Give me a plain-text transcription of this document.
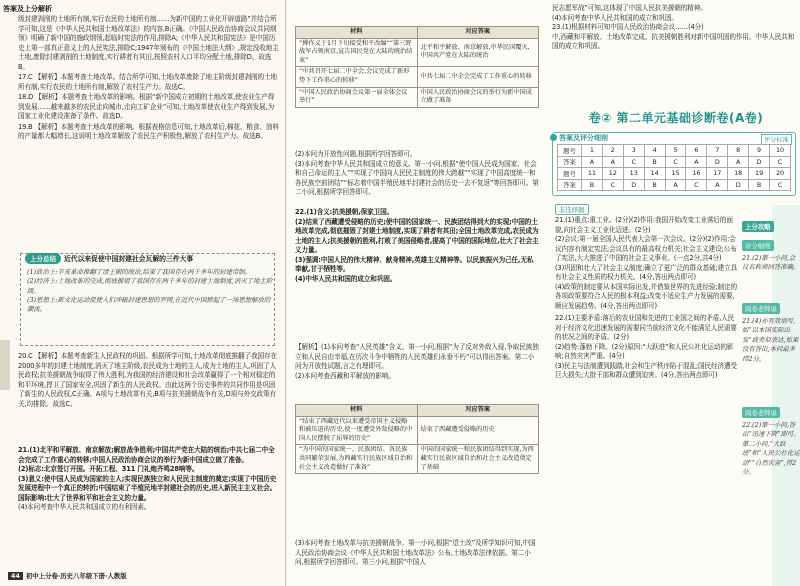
答案及上分解析

级封建剥削的土地所有制,实行农民的土地所有制……为新中国的工业化开辟道路”并结合所学可知,这是《中华人民共和国土地改革法》的内容,B正确。《中国人民政治协商会议共同纲领》明确了新中国的施政纲领,起临时宪法的作用,排除A;《中华人民共和国宪法》是中国历史上第一部真正意义上的人民宪法,排除C;1947年颁布的《中国土地法大纲》,规定没收地主土地,废除封建剥削的土地制度,实行耕者有其田,按照农村人口平均分配土地,排除D。故选B。

17.C 【解析】本题考查土地改革。结合所学可知,土地改革废除了地主阶级封建剥削的土地所有制,实行农民的土地所有制,解放了农村生产力。故选C。

18.D 【解析】本题考查土地改革的影响。根据“新中国成立初期的土地改革,使农业生产得到发展……越来越多的农民走向城市,走向工矿企业”可知,土地改革使农业生产得到发展,为国家工业化建设准备了条件。故选D。

19.B 【解析】本题考查土地改革的影响。根据表格信息可知,土地改革后,棉花、粮食、油料的产量都大幅增长,这说明土地改革解放了农民生产积极性,解放了农村生产力。故选B。

上分总结 近代以来促使中国封建社会瓦解的三件大事

(1)政治上:辛亥革命推翻了清王朝的统治,结束了我国存在两千多年的封建帝制。

(2)经济上:土地改革的完成,彻底摧毁了我国存在两千多年的封建土地制度,消灭了地主阶级。

(3)思想上:新文化运动促使人们冲破封建思想的罗网,在近代中国掀起了一场思想解放的潮流。

20.C 【解析】本题考查新生人民政权的巩固。根据所学可知,土地改革彻底推翻了我国存在2000多年的封建土地制度,消灭了地主阶级,农民成为土地的主人,成为土地的主人,巩固了人民政权;抗美援朝战争取得了伟大胜利,为我国的经济建设和社会改革赢得了一个相对稳定的和平环境,捍卫了国家安全,巩固了新生的人民政权。由此这两个历史事件的共同作用是巩固了新生的人民政权,C正确。A项与土地改革有关,B项与抗美援朝战争有关,D项与外交政策有关,均排除。故选C。

21.(1)北平和平解放、南京解放;解放战争胜利;中国共产党在大陆的统治;中共七届二中全会完成了工作重心的转移;中国人民政治协商会议的举行为新中国成立做了准备。

(2)标志:北京签订开国。开拓工程、311 门礼炮齐鸣28响等。

(3)意义:使中国人民成为国家的主人;实现民族独立和人民民主制度的奠定;实现了中国历史发展进程中一个真正的转折;中国结束了半殖民地半封建社会的历史,进入新民主主义社会。国际影响:壮大了世界和平和社会主义的力量。

(4)本问考查中华人民共和国成立的有利因素。

44 初中上分卷·历史八年级下册·人教版
材料	对应答案
“傅作义于1月下旬接受和平改编”“第三野战军占领南京,宣告国民党在大陆的统治结束”	北平和平解放、南京解放,中华民国覆灭,中国共产党在大陆的统治
“中共召开七届二中全会,会议完成了新形势下工作重心的转移”	中共七届二中全会完成了工作重心的转移
“中国人民政治协商会议第一届全体会议举行”	中国人民政治协商会议的举行为新中国成立做了准备

(2)本问为开放性问题,根据所学回答即可。

(3)本问考查中华人民共和国成立的意义。第一小问,根据“使中国人民成为国家、社会和自己命运的主人”“实现了中国向人民民主制度的伟大跨越”“实现了中国高度统一和各民族空前团结”“标志着中国半殖民地半封建社会的历史一去不复返”等回答即可。第二小问,根据所学回答即可。

22.(1)含义:抗美援朝,保家卫国。

(2)结束了西藏遭受侵略的历史;使中国的国家统一、民族团结得到大的实现;中国的土地改革完成,彻底摧毁了封建土地制度,实现了耕者有其田;全国土地改革完成,农民成为土地的主人;抗美援朝的胜利,打败了美国侵略者,提高了中国的国际地位,壮大了社会主义力量。

(3)强调:中国人民的伟大精神、献身精神,英雄主义精神等。以民族振兴为己任,无私奉献,甘于牺牲等。

(4)中华人民共和国的成立和巩固。

【解析】(1)本问考查“人民英雄”含义。第一小问,根据“为了反对外敌入侵,争取民族独立和人民自由幸福,在历次斗争中牺牲的人民英雄们永垂不朽”可以得出答案。第二小问为开放性试题,言之有理即可。

(2)本问考查西藏和平解放的影响。

材料	对应答案
“结束了西藏近代以来遭受帝国主义侵略和被压迫的历史,使一度遭受外敌侵略的中国人民摆脱了屈辱的历史”	结束了西藏遭受侵略的历史
“为中国的国家统一、民族团结、各民族共同繁荣发展,为西藏实行民族区域自治和社会主义改造做好了准备”	中国的国家统一和民族团结得到实现,为西藏实行民族区域自治和社会主义改造奠定了基础

(3)本问考查土地改革与抗美援朝战争。第一小问,根据“望土改”及所学知识可知,中国人民政治协商会议《中华人民共和国土地改革法》公布,土地改革法律依据。第二小问,根据所学回答即可。第三小问,根据“中国人

民志愿军战”可知,这体现了中国人民抗美援朝的精神。

(4)本问考查中华人民共和国的成立和巩固。

23.(1)根据材料可知中国人民政治协商会议……(4分)

中,西藏和平解放、土地改革完成、抗美援朝胜利对新中国巩固的作用。中华人民共和国的成立和巩固。

卷② 第二单元基础诊断卷(A卷)
答案及评分细则	评分标准
题号	1	2	3	4	5	6	7	8	9	10
答案	A	A	C	B	C	A	D	A	D	C
题号	11	12	13	14	15	16	17	18	19	20
答案	B	C	D	B	A	C	A	D	B	C
非选择题

21.(1)重点:重工业。(2分)(2)作用:我国开始改变工业落后的面貌,向社会主义工业化迈进。(2分)

(2)会议:第一届全国人民代表大会第一次会议。(2分)(2)作用:会议内容有制定宪法;会议具有的最高权力机关;社会主义建设;公布了宪法,大大推进了中国的社会主义事业。(一点2分,共4分)

(3)巩固和壮大了社会主义制度;确立了更广泛的群众基础;建立具有社会主义性质的权力机关。(4分,答出两点即可)

(4)政策的制定要从本国实际出发,并借鉴世界的先进经验;制定的各项政策要符合人民的根本利益;改变不适应生产力发展的需要,顺应发展趋势。(4分,答出两点即可)

22.(1)主要矛盾:落后的农业国和先进的工业国之间的矛盾,人民对于经济文化迅速发展的需要同当前经济文化不能满足人民需要的状况之间的矛盾。(2分)

(2)趋势:蓬勃下降。(2分)原因:“大跃进”和人民公社化运动的影响;自然灾害严重。(4分)

(3)民主与法制遭到践踏,社会和生产秩序陷于混乱;国民经济遭受巨大损失;大批干部和群众遭到迫害。(4分,答出两点即可)

上分攻略 评分细则
21.(2)第一小问,会议名称须回答准确。
阅卷老师说
21.(4)亦有效填写,如“以本国实际出发”或类似表达,如果没有答出,本问最多得2分。
阅卷老师说
22.(2)第一小问,答出“迅速下降”即可。第二小问,“大跃进”和“人民公社化运动”“自然灾害”,得2分。
